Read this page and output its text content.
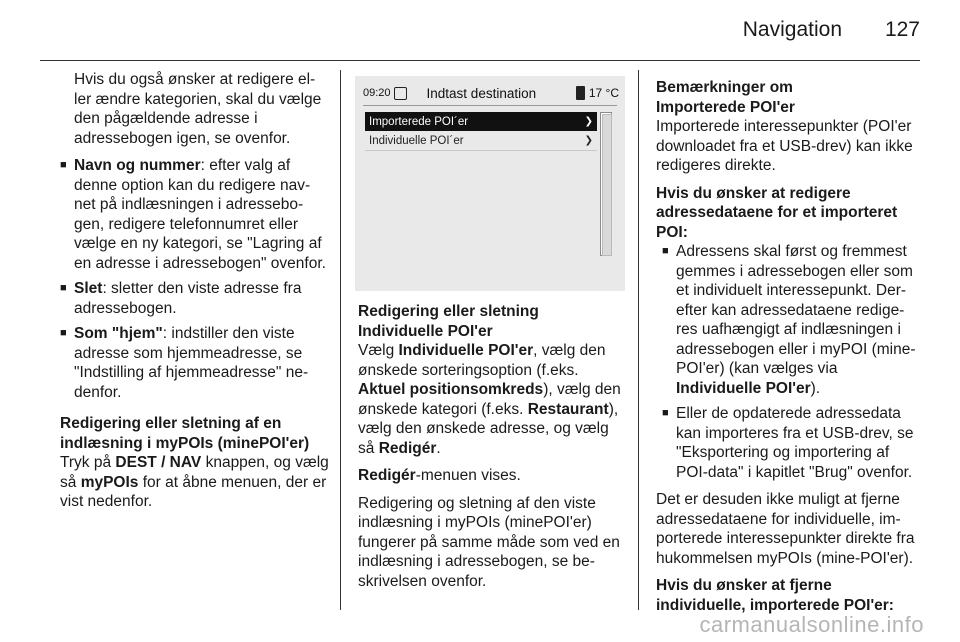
Navigation 127

Hvis du også ønsker at redigere el-ler ændre kategorien, skal du vælge den pågældende adresse i adressebogen igen, se ovenfor.

■ Navn og nummer: efter valg af denne option kan du redigere nav-net på indlæsningen i adressebo-gen, redigere telefonnumret eller vælge en ny kategori, se "Lagring af en adresse i adressebogen" ovenfor.
■ Slet: sletter den viste adresse fra adressebogen.
■ Som "hjem": indstiller den viste adresse som hjemmeadresse, se "Indstilling af hjemmeadresse" ne-denfor.

Redigering eller sletning af en indlæsning i myPOIs (minePOI'er)

Tryk på DEST / NAV knappen, og vælg så myPOIs for at åbne menuen, der er vist nedenfor.

09:20	Indtast destination	17 °C
Importerede POI´er	❯
Individuelle POI´er	❯

Redigering eller sletning

Individuelle POI'er

Vælg Individuelle POI'er, vælg den ønskede sorteringsoption (f.eks. Aktuel positionsomkreds), vælg den ønskede kategori (f.eks. Restaurant), vælg den ønskede adresse, og vælg så Redigér.

Redigér-menuen vises.

Redigering og sletning af den viste indlæsning i myPOIs (minePOI'er) fungerer på samme måde som ved en indlæsning i adressebogen, se be-skrivelsen ovenfor.

Bemærkninger om

Importerede POI'er

Importerede interessepunkter (POI'er downloadet fra et USB-drev) kan ikke redigeres direkte.

Hvis du ønsker at redigere adressedataene for et importeret POI:

■ Adressens skal først og fremmest gemmes i adressebogen eller som et individuelt interessepunkt. Der-efter kan adressedataene redige-res uafhængigt af indlæsningen i adressebogen eller i myPOI (mine-POI'er) (kan vælges via Individuelle POI'er).
■ Eller de opdaterede adressedata kan importeres fra et USB-drev, se "Eksportering og importering af POI-data" i kapitlet "Brug" ovenfor.

Det er desuden ikke muligt at fjerne adressedataene for individuelle, im-porterede interessepunkter direkte fra hukommelsen myPOIs (mine-POI'er).

Hvis du ønsker at fjerne individuelle, importerede POI'er:

carmanualsonline.info
